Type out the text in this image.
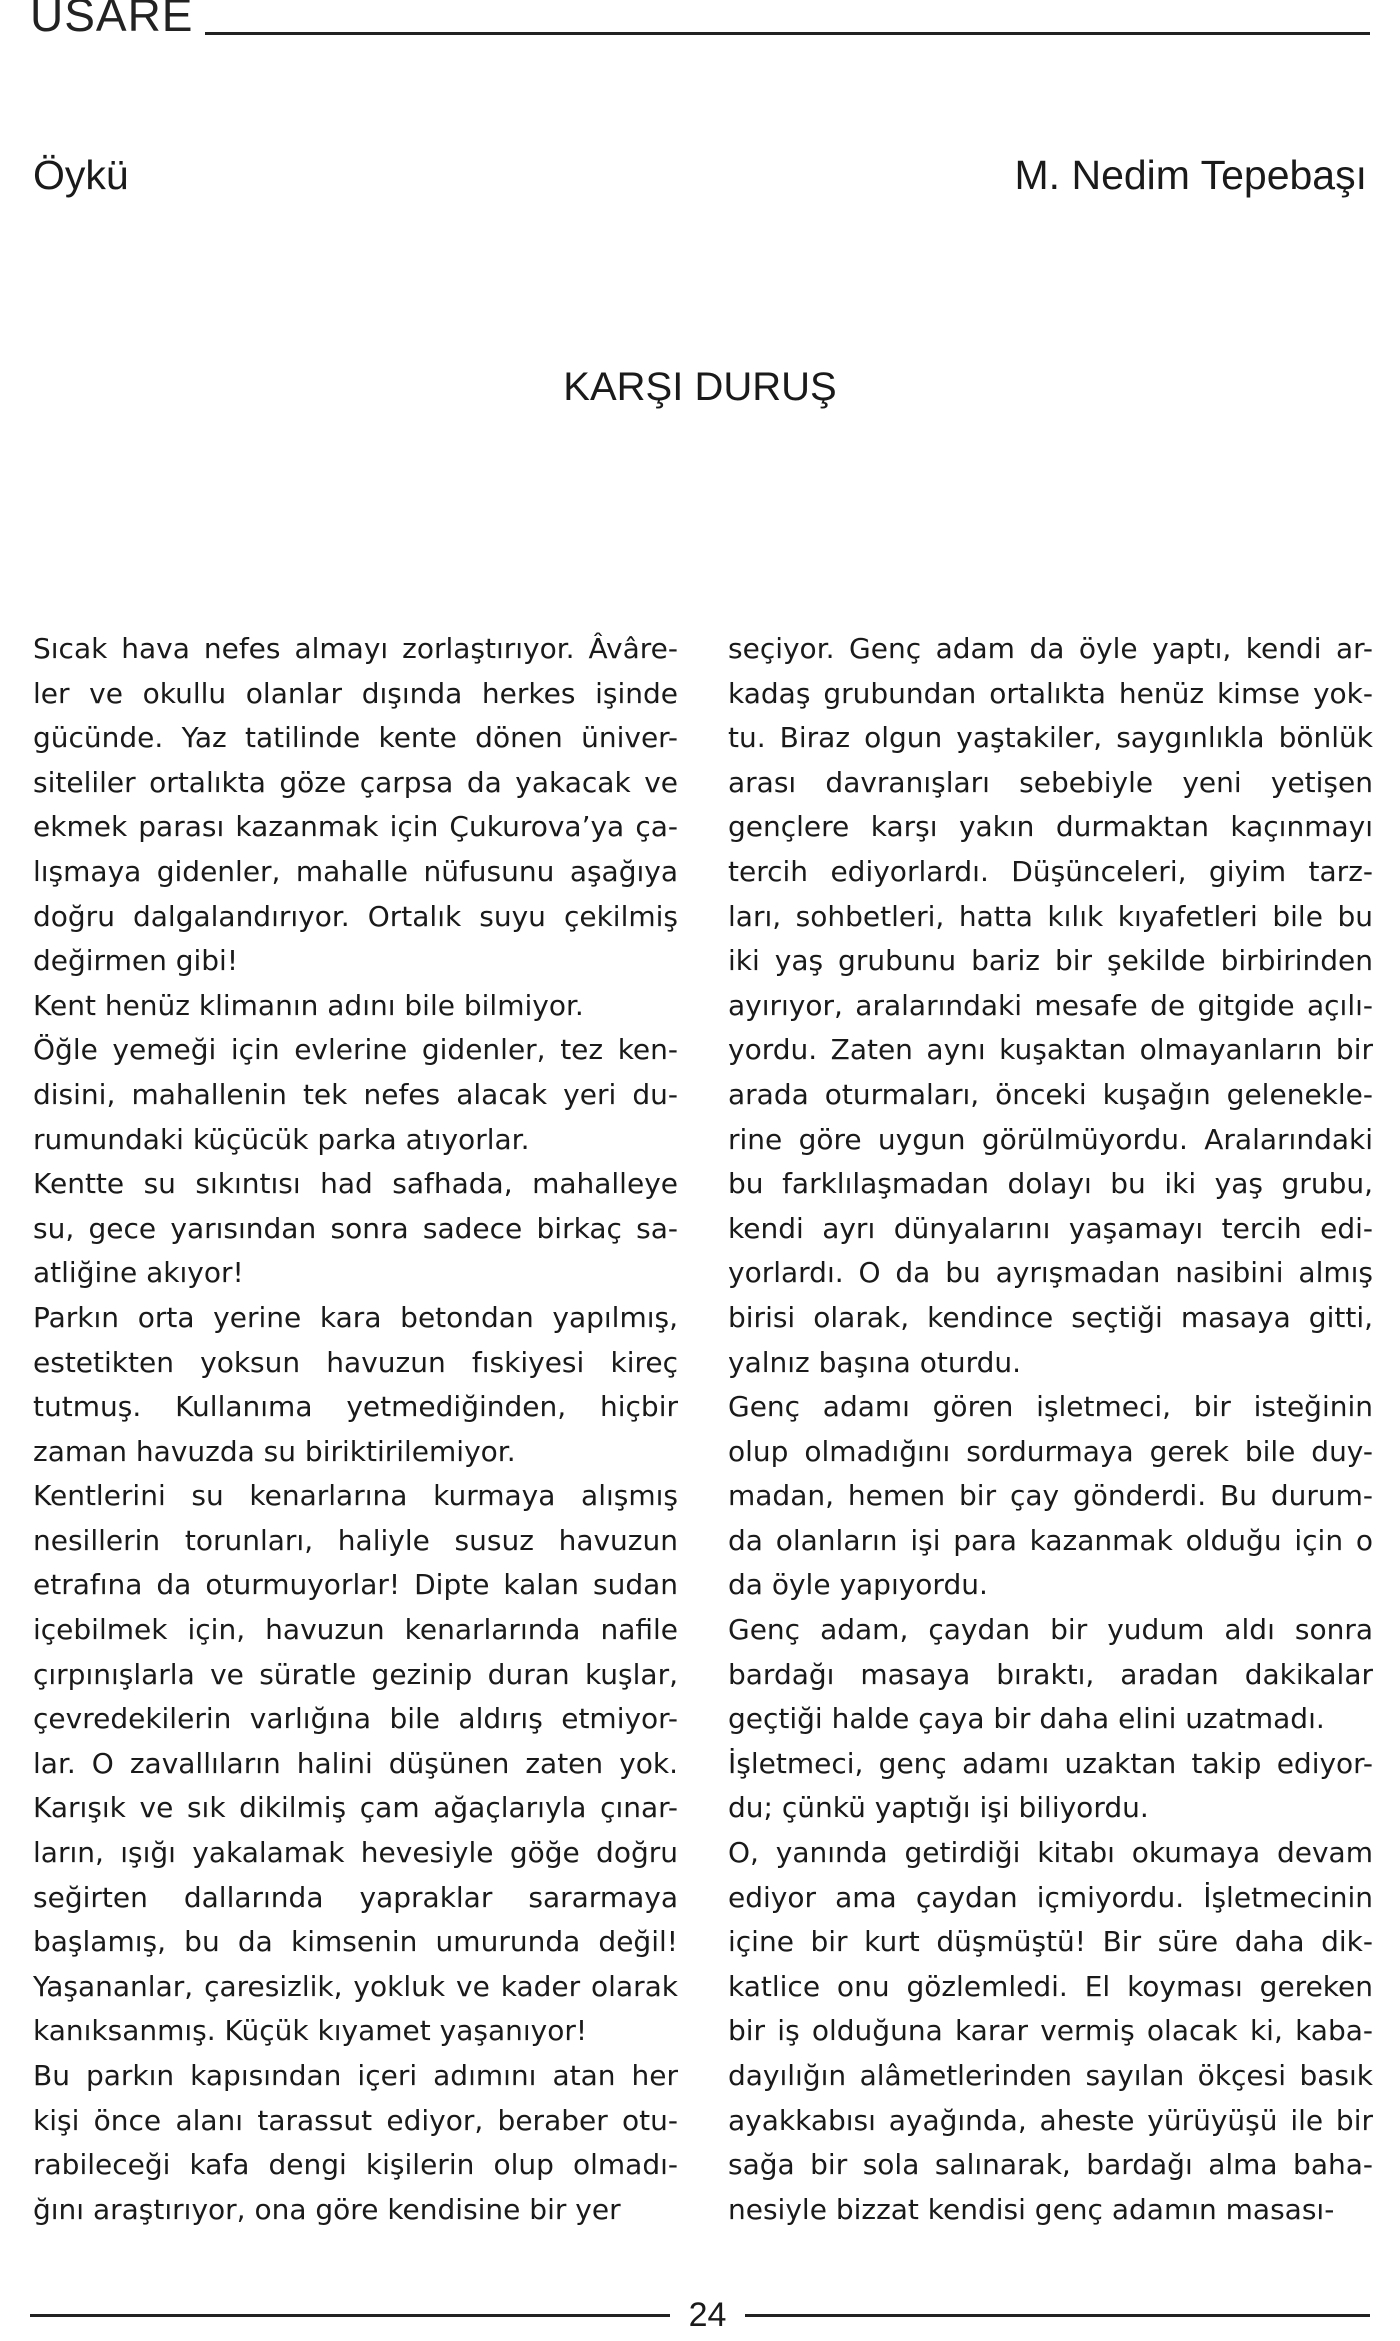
USARE
Öykü	M. Nedim Tepebaşı
KARŞI DURUŞ

Sıcak hava nefes almayı zorlaştırıyor. Âvâre-
ler ve okullu olanlar dışında herkes işinde
gücünde. Yaz tatilinde kente dönen üniver-
siteliler ortalıkta göze çarpsa da yakacak ve
ekmek parası kazanmak için Çukurova’ya ça-
lışmaya gidenler, mahalle nüfusunu aşağıya
doğru dalgalandırıyor. Ortalık suyu çekilmiş
değirmen gibi!

Kent henüz klimanın adını bile bilmiyor.

Öğle yemeği için evlerine gidenler, tez ken-
disini, mahallenin tek nefes alacak yeri du-
rumundaki küçücük parka atıyorlar.

Kentte su sıkıntısı had safhada, mahalleye
su, gece yarısından sonra sadece birkaç sa-
atliğine akıyor!

Parkın orta yerine kara betondan yapılmış,
estetikten yoksun havuzun fıskiyesi kireç
tutmuş. Kullanıma yetmediğinden, hiçbir
zaman havuzda su biriktirilemiyor.

Kentlerini su kenarlarına kurmaya alışmış
nesillerin torunları, haliyle susuz havuzun
etrafına da oturmuyorlar! Dipte kalan sudan
içebilmek için, havuzun kenarlarında nafile
çırpınışlarla ve süratle gezinip duran kuşlar,
çevredekilerin varlığına bile aldırış etmiyor-
lar. O zavallıların halini düşünen zaten yok.
Karışık ve sık dikilmiş çam ağaçlarıyla çınar-
ların, ışığı yakalamak hevesiyle göğe doğru
seğirten dallarında yapraklar sararmaya
başlamış, bu da kimsenin umurunda değil!
Yaşananlar, çaresizlik, yokluk ve kader olarak
kanıksanmış. Küçük kıyamet yaşanıyor!

Bu parkın kapısından içeri adımını atan her
kişi önce alanı tarassut ediyor, beraber otu-
rabileceği kafa dengi kişilerin olup olmadı-
ğını araştırıyor, ona göre kendisine bir yer

seçiyor. Genç adam da öyle yaptı, kendi ar-
kadaş grubundan ortalıkta henüz kimse yok-
tu. Biraz olgun yaştakiler, saygınlıkla bönlük
arası davranışları sebebiyle yeni yetişen
gençlere karşı yakın durmaktan kaçınmayı
tercih ediyorlardı. Düşünceleri, giyim tarz-
ları, sohbetleri, hatta kılık kıyafetleri bile bu
iki yaş grubunu bariz bir şekilde birbirinden
ayırıyor, aralarındaki mesafe de gitgide açılı-
yordu. Zaten aynı kuşaktan olmayanların bir
arada oturmaları, önceki kuşağın gelenekle-
rine göre uygun görülmüyordu. Aralarındaki
bu farklılaşmadan dolayı bu iki yaş grubu,
kendi ayrı dünyalarını yaşamayı tercih edi-
yorlardı. O da bu ayrışmadan nasibini almış
birisi olarak, kendince seçtiği masaya gitti,
yalnız başına oturdu.

Genç adamı gören işletmeci, bir isteğinin
olup olmadığını sordurmaya gerek bile duy-
madan, hemen bir çay gönderdi. Bu durum-
da olanların işi para kazanmak olduğu için o
da öyle yapıyordu.

Genç adam, çaydan bir yudum aldı sonra
bardağı masaya bıraktı, aradan dakikalar
geçtiği halde çaya bir daha elini uzatmadı.

İşletmeci, genç adamı uzaktan takip ediyor-
du; çünkü yaptığı işi biliyordu.

O, yanında getirdiği kitabı okumaya devam
ediyor ama çaydan içmiyordu. İşletmecinin
içine bir kurt düşmüştü! Bir süre daha dik-
katlice onu gözlemledi. El koyması gereken
bir iş olduğuna karar vermiş olacak ki, kaba-
dayılığın alâmetlerinden sayılan ökçesi basık
ayakkabısı ayağında, aheste yürüyüşü ile bir
sağa bir sola salınarak, bardağı alma baha-
nesiyle bizzat kendisi genç adamın masası-

24
